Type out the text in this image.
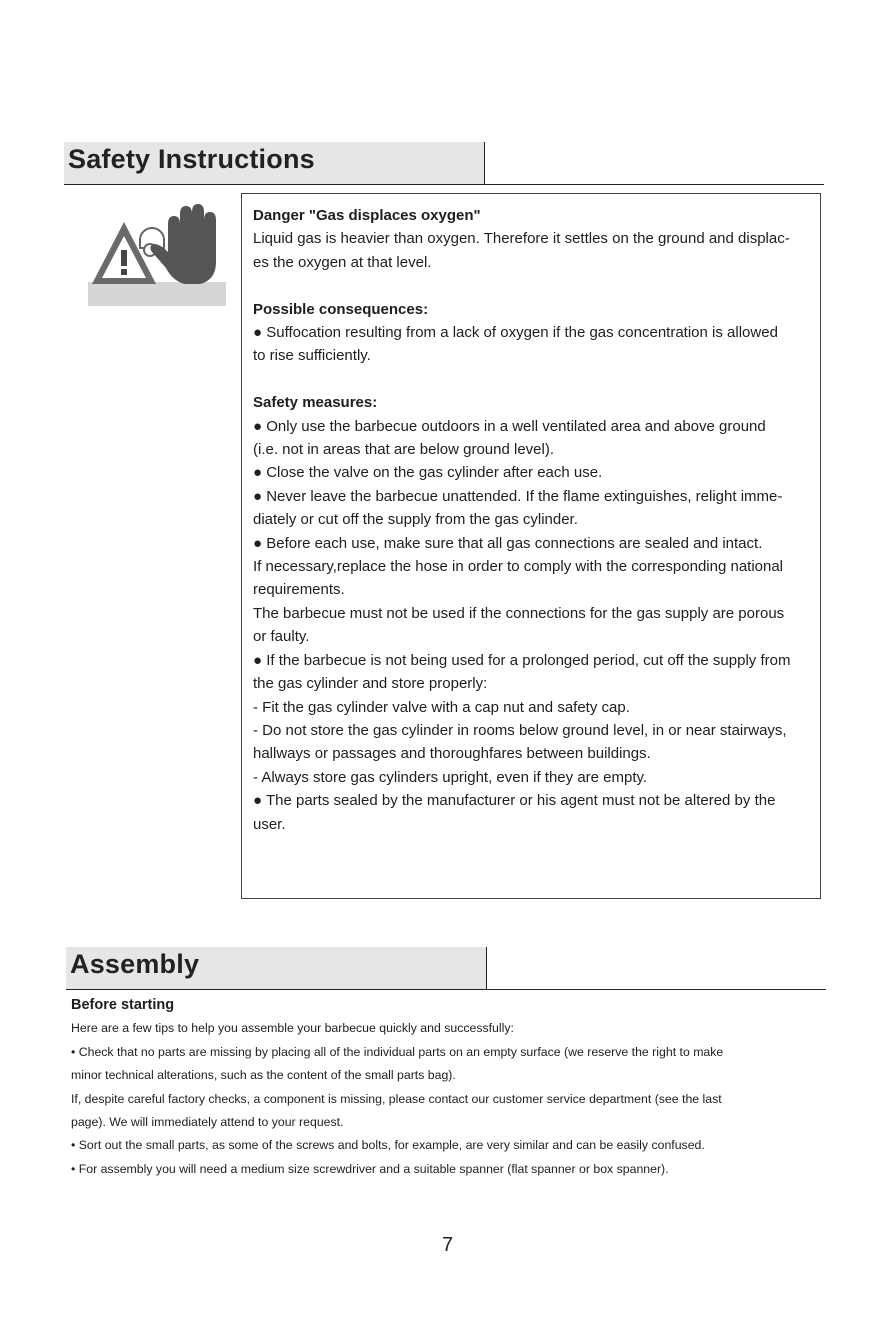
Safety Instructions

Danger "Gas displaces oxygen"

Liquid gas is heavier than oxygen. Therefore it settles on the ground and displac-

es the oxygen at that level.

Possible consequences:

● Suffocation resulting from a lack of oxygen if the gas concentration is allowed

to rise sufficiently.

Safety measures:

● Only use the barbecue outdoors in a well ventilated area and above ground

(i.e. not in areas that are below ground level).

● Close the valve on the gas cylinder after each use.

● Never leave the barbecue unattended. If the flame extinguishes, relight imme-

diately or cut off the supply from the gas cylinder.

● Before each use, make sure that all gas connections are sealed and intact.

If necessary,replace the hose in order to comply with the corresponding national

requirements.

The barbecue must not be used if the connections for the gas supply are porous

or faulty.

● If the barbecue is not being used for a prolonged period, cut off the supply from

the gas cylinder and store properly:

- Fit the gas cylinder valve with a cap nut and safety cap.

- Do not store the gas cylinder in rooms below ground level, in or near stairways,

hallways or passages and thoroughfares between buildings.

- Always store gas cylinders upright, even if they are empty.

● The parts sealed by the manufacturer or his agent must not be altered by the

user.

Assembly

Before starting

Here are a few tips to help you assemble your barbecue quickly and successfully:

• Check that no parts are missing by placing all of the individual parts on an empty surface (we reserve the right to make

minor technical alterations, such as the content of the small parts bag).

If, despite careful factory checks, a component is missing, please contact our customer service department (see the last

page). We will immediately attend to your request.

• Sort out the small parts, as some of the screws and bolts, for example, are very similar and can be easily confused.

• For assembly you will need a medium size screwdriver and a suitable spanner (flat spanner or box spanner).

7
